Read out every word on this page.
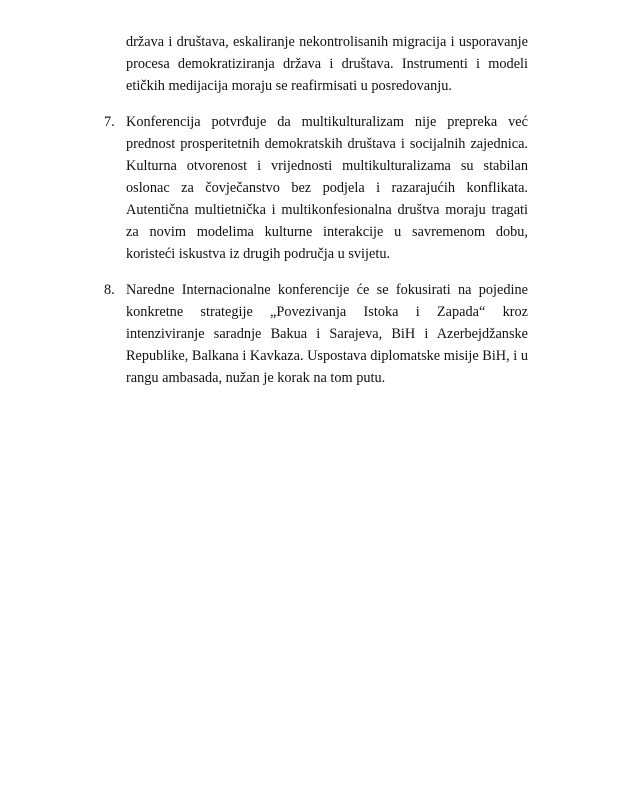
država i društava, eskaliranje nekontrolisanih migracija i usporavanje procesa demokratiziranja država i društava. Instrumenti i modeli etičkih medijacija moraju se reafirmisati u posredovanju.

7. Konferencija potvrđuje da multikulturalizam nije prepreka već prednost prosperitetnih demokratskih društava i socijalnih zajednica. Kulturna otvorenost i vrijednosti multikulturalizama su stabilan oslonac za čovječanstvo bez podjela i razarajućih konflikata. Autentična multietnička i multikonfesionalna društva moraju tragati za novim modelima kulturne interakcije u savremenom dobu, koristeći iskustva iz drugih područja u svijetu.

8. Naredne Internacionalne konferencije će se fokusirati na pojedine konkretne strategije „Povezivanja Istoka i Zapada“ kroz intenziviranje saradnje Bakua i Sarajeva, BiH i Azerbejdžanske Republike, Balkana i Kavkaza. Uspostava diplomatske misije BiH, i u rangu ambasada, nužan je korak na tom putu.
